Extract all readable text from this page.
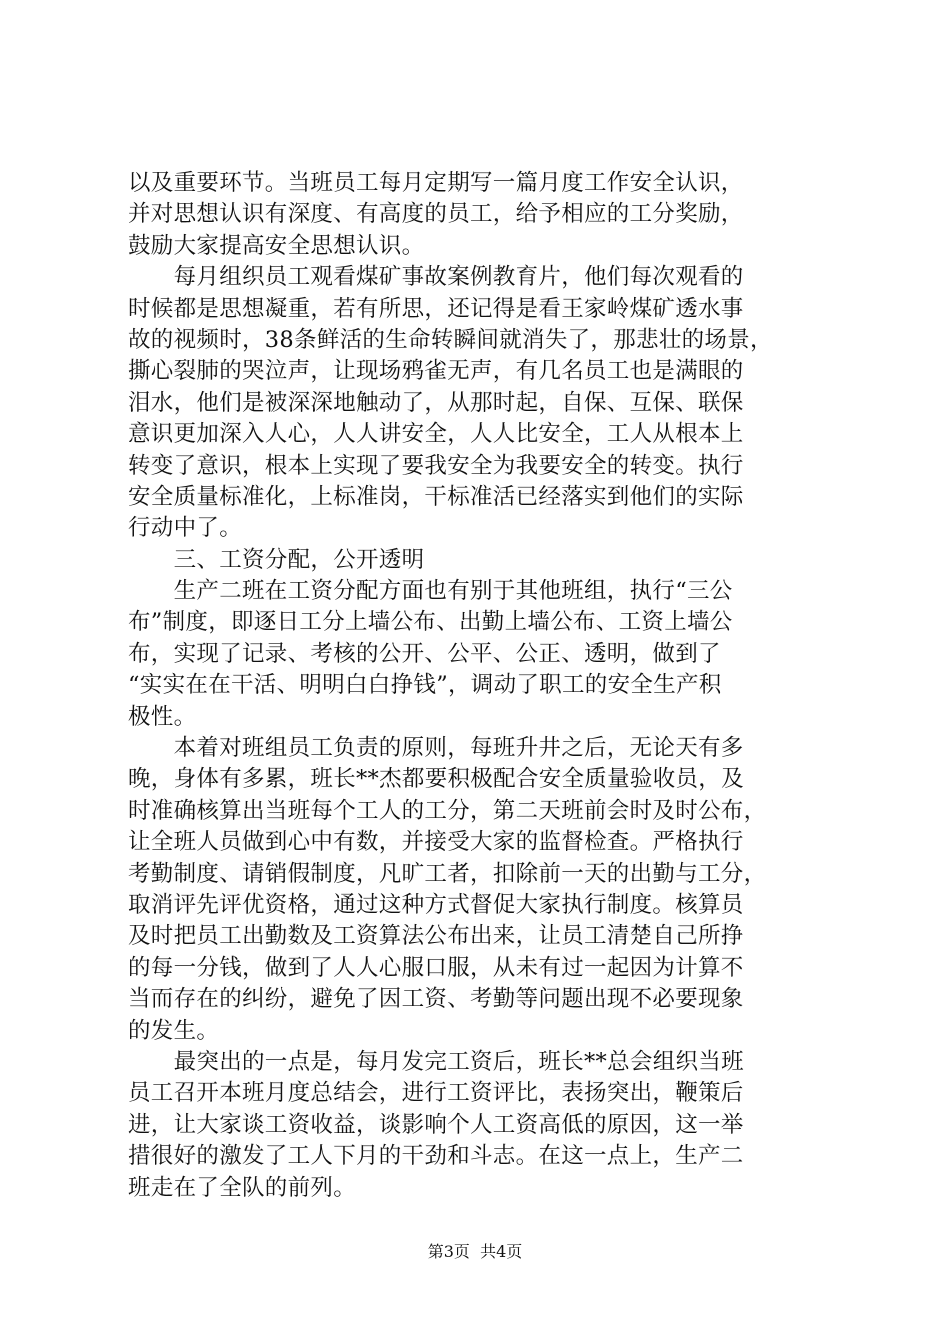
以及重要环节。当班员工每月定期写一篇月度工作安全认识，
并对思想认识有深度、有高度的员工，给予相应的工分奖励，
鼓励大家提高安全思想认识。
　　每月组织员工观看煤矿事故案例教育片，他们每次观看的
时候都是思想凝重，若有所思，还记得是看王家岭煤矿透水事
故的视频时，38条鲜活的生命转瞬间就消失了，那悲壮的场景，
撕心裂肺的哭泣声，让现场鸦雀无声，有几名员工也是满眼的
泪水，他们是被深深地触动了，从那时起，自保、互保、联保
意识更加深入人心，人人讲安全，人人比安全，工人从根本上
转变了意识，根本上实现了要我安全为我要安全的转变。执行
安全质量标准化，上标准岗，干标准活已经落实到他们的实际
行动中了。
　　三、工资分配，公开透明
　　生产二班在工资分配方面也有别于其他班组，执行“三公
布”制度，即逐日工分上墙公布、出勤上墙公布、工资上墙公
布，实现了记录、考核的公开、公平、公正、透明，做到了
“实实在在干活、明明白白挣钱”，调动了职工的安全生产积
极性。
　　本着对班组员工负责的原则，每班升井之后，无论天有多
晚，身体有多累，班长**杰都要积极配合安全质量验收员，及
时准确核算出当班每个工人的工分，第二天班前会时及时公布，
让全班人员做到心中有数，并接受大家的监督检查。严格执行
考勤制度、请销假制度，凡旷工者，扣除前一天的出勤与工分，
取消评先评优资格，通过这种方式督促大家执行制度。核算员
及时把员工出勤数及工资算法公布出来，让员工清楚自己所挣
的每一分钱，做到了人人心服口服，从未有过一起因为计算不
当而存在的纠纷，避免了因工资、考勤等问题出现不必要现象
的发生。
　　最突出的一点是，每月发完工资后，班长**总会组织当班
员工召开本班月度总结会，进行工资评比，表扬突出，鞭策后
进，让大家谈工资收益，谈影响个人工资高低的原因，这一举
措很好的激发了工人下月的干劲和斗志。在这一点上，生产二
班走在了全队的前列。
第3页  共4页
